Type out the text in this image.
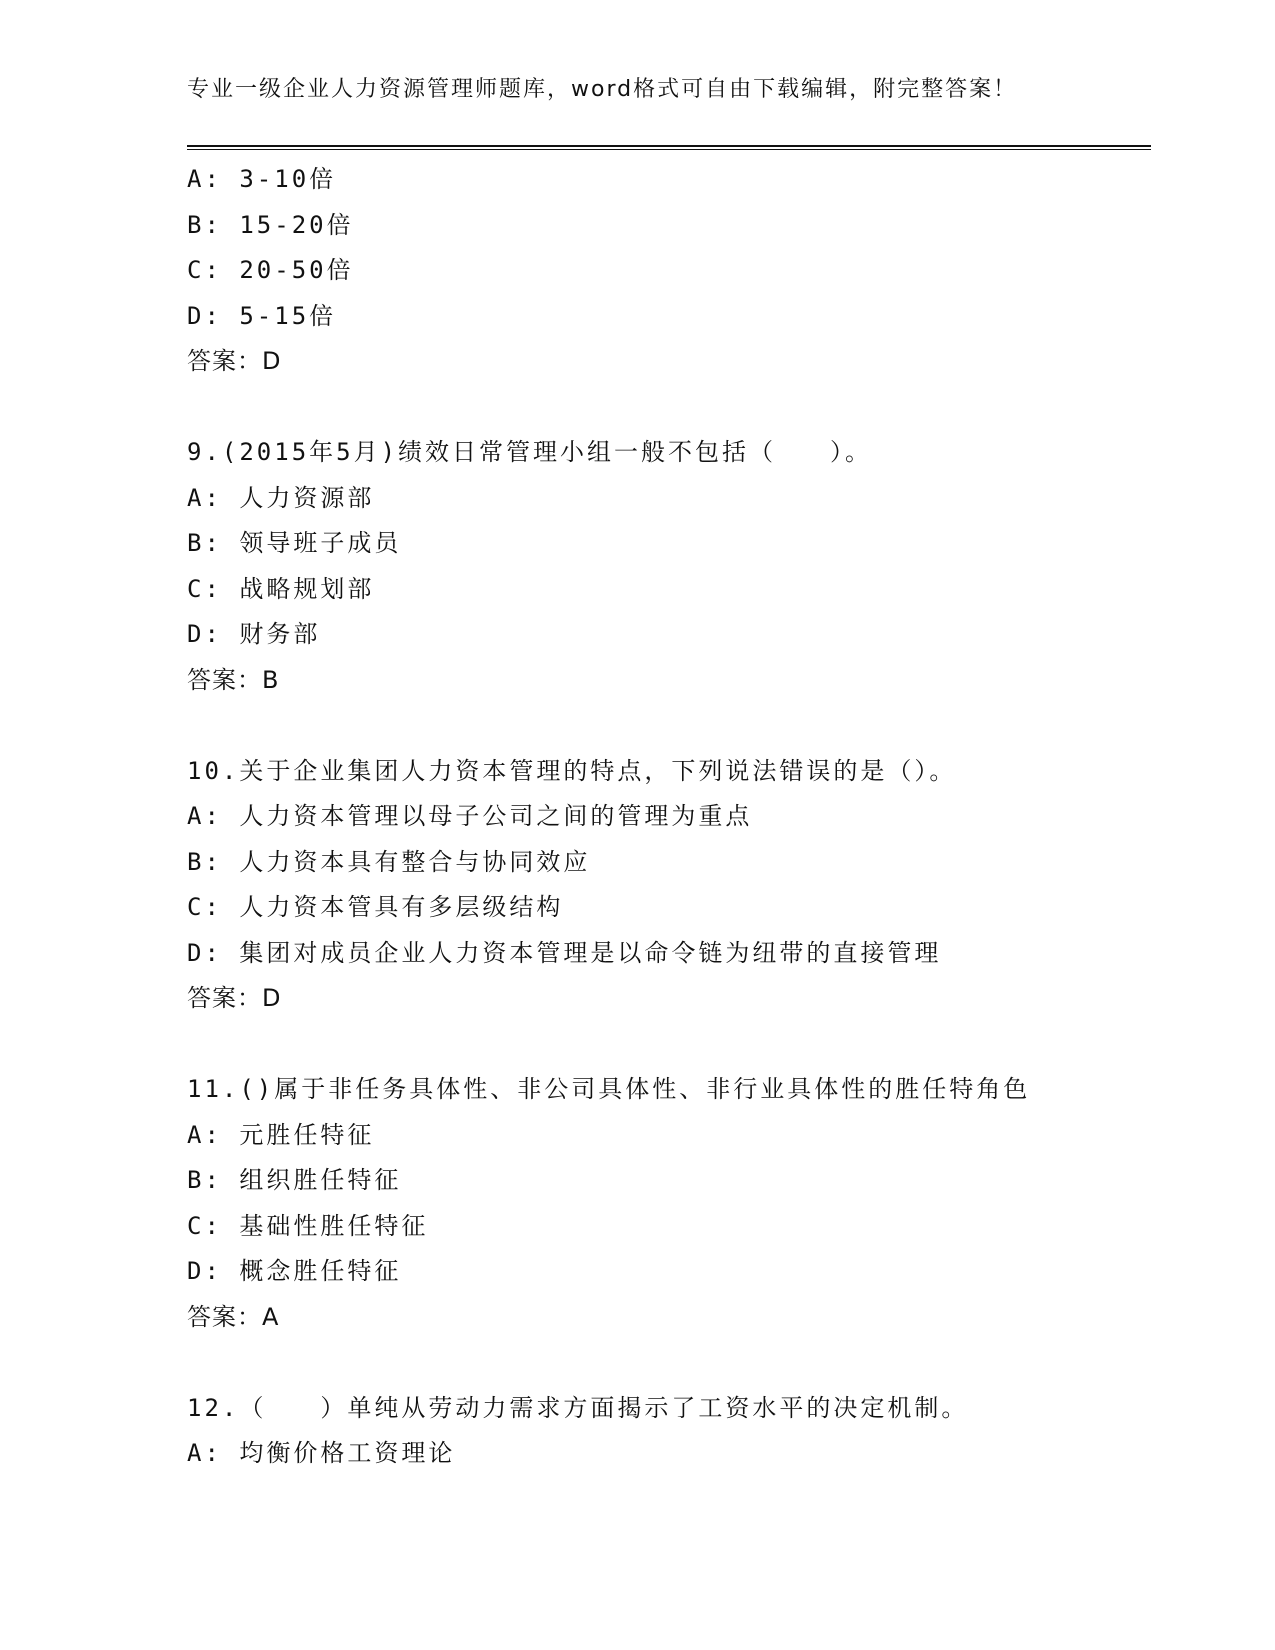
专业一级企业人力资源管理师题库，word格式可自由下载编辑，附完整答案！
A: 3-10倍
B: 15-20倍
C: 20-50倍
D: 5-15倍
答案：D
9.(2015年5月)绩效日常管理小组一般不包括（　　）。
A: 人力资源部
B: 领导班子成员
C: 战略规划部
D: 财务部
答案：B
10.关于企业集团人力资本管理的特点，下列说法错误的是（）。
A: 人力资本管理以母子公司之间的管理为重点
B: 人力资本具有整合与协同效应
C: 人力资本管具有多层级结构
D: 集团对成员企业人力资本管理是以命令链为纽带的直接管理
答案：D
11.()属于非任务具体性、非公司具体性、非行业具体性的胜任特角色
A: 元胜任特征
B: 组织胜任特征
C: 基础性胜任特征
D: 概念胜任特征
答案：A
12.（　　）单纯从劳动力需求方面揭示了工资水平的决定机制。
A: 均衡价格工资理论
